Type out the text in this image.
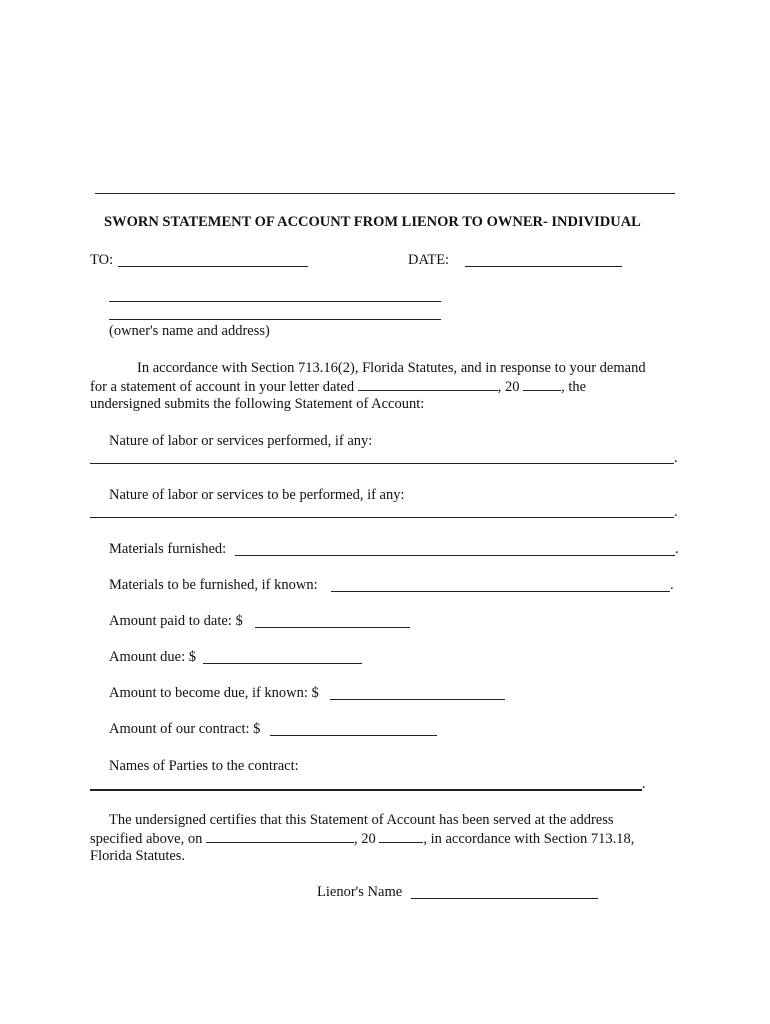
SWORN STATEMENT OF ACCOUNT FROM LIENOR TO OWNER- INDIVIDUAL
TO:	DATE:
(owner's name and address)
In accordance with Section 713.16(2), Florida Statutes, and in response to your demand
for a statement of account in your letter dated	, 20	, the
undersigned submits the following Statement of Account:
Nature of labor or services performed, if any:
.
Nature of labor or services to be performed, if any:
.
Materials furnished:	.
Materials to be furnished, if known:	.
Amount paid to date: $
Amount due: $
Amount to become due, if known: $
Amount of our contract: $
Names of Parties to the contract:
.
The undersigned certifies that this Statement of Account has been served at the address
specified above, on	, 20	, in accordance with Section 713.18,
Florida Statutes.
Lienor's Name
